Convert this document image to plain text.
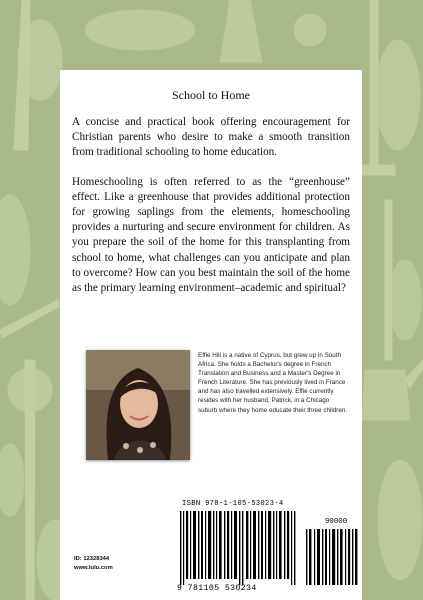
School to Home

A concise and practical book offering encouragement for Christian parents who desire to make a smooth transition from traditional schooling to home education.

Homeschooling is often referred to as the “greenhouse” effect. Like a greenhouse that provides additional protection for growing saplings from the elements, homeschooling provides a nurturing and secure environment for children. As you prepare the soil of the home for this transplanting from school to home, what challenges can you anticipate and plan to overcome? How can you best maintain the soil of the home as the primary learning environment–academic and spiritual?

Effie Hill is a native of Cyprus, but grew up in South Africa. She holds a Bachelor's degree in French Translation and Business and a Master's Degree in French Literature. She has previously lived in France and has also travelled extensively. Effie currently resides with her husband, Patrick, in a Chicago suburb where they home educate their three children.

ID: 12328344
www.lulu.com
ISBN 978-1-105-53023-4
90000
9 781105 530234
